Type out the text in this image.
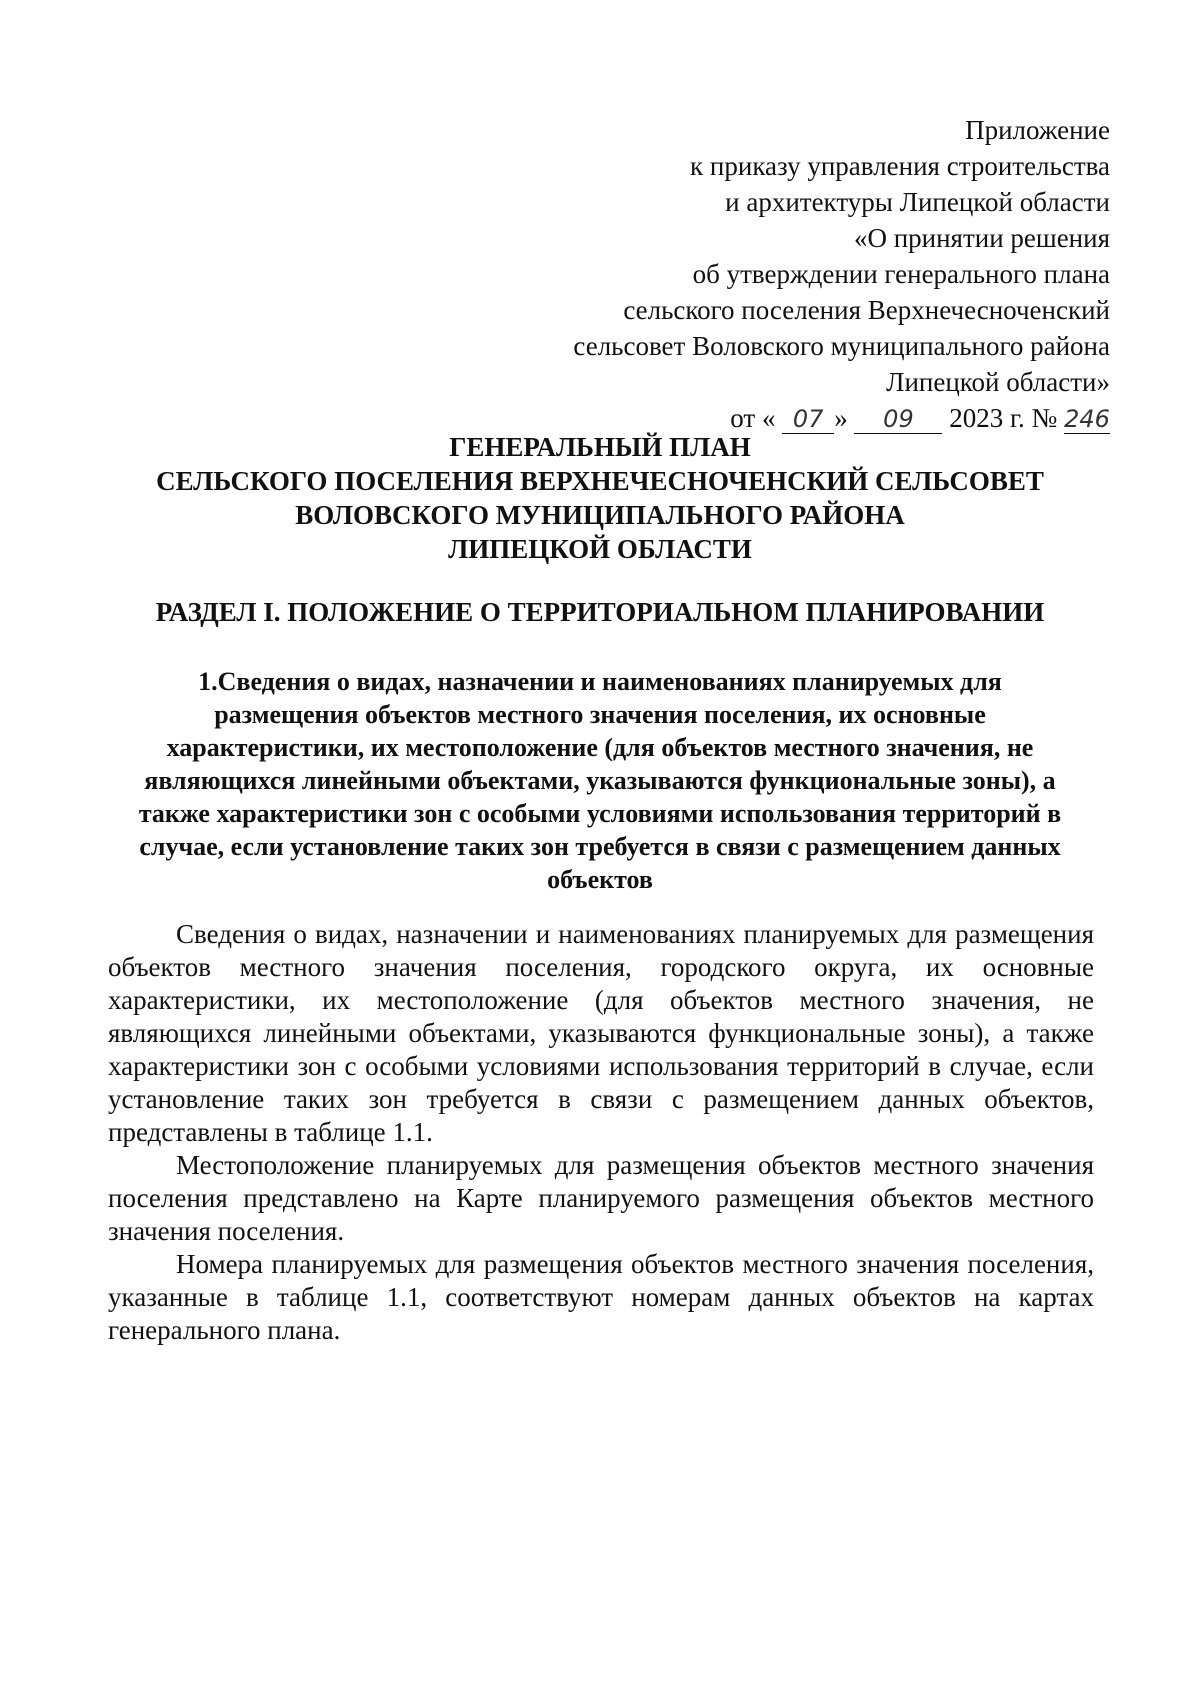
Приложение
к приказу управления строительства
и архитектуры Липецкой области
«О принятии решения
об утверждении генерального плана
сельского поселения Верхнечесноченский
сельсовет Воловского муниципального района
Липецкой области»
от « 07 » 09 2023 г. № 246
ГЕНЕРАЛЬНЫЙ ПЛАН
СЕЛЬСКОГО ПОСЕЛЕНИЯ ВЕРХНЕЧЕСНОЧЕНСКИЙ СЕЛЬСОВЕТ
ВОЛОВСКОГО МУНИЦИПАЛЬНОГО РАЙОНА
ЛИПЕЦКОЙ ОБЛАСТИ
РАЗДЕЛ I. ПОЛОЖЕНИЕ О ТЕРРИТОРИАЛЬНОМ ПЛАНИРОВАНИИ
1.Сведения о видах, назначении и наименованиях планируемых для размещения объектов местного значения поселения, их основные характеристики, их местоположение (для объектов местного значения, не являющихся линейными объектами, указываются функциональные зоны), а также характеристики зон с особыми условиями использования территорий в случае, если установление таких зон требуется в связи с размещением данных объектов

Сведения о видах, назначении и наименованиях планируемых для размещения объектов местного значения поселения, городского округа, их основные характеристики, их местоположение (для объектов местного значения, не являющихся линейными объектами, указываются функциональные зоны), а также характеристики зон с особыми условиями использования территорий в случае, если установление таких зон требуется в связи с размещением данных объектов, представлены в таблице 1.1.

Местоположение планируемых для размещения объектов местного значения поселения представлено на Карте планируемого размещения объектов местного значения поселения.

Номера планируемых для размещения объектов местного значения поселения, указанные в таблице 1.1, соответствуют номерам данных объектов на картах генерального плана.
